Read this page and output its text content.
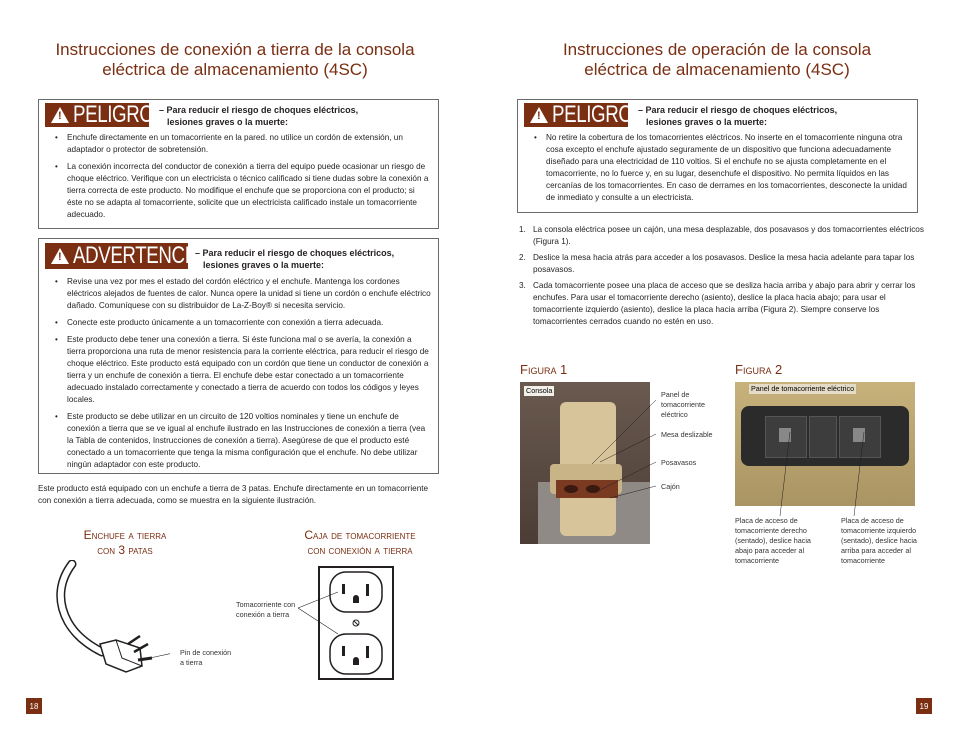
Instrucciones de conexión a tierra de la consola
eléctrica de almacenamiento (4SC)
!
PELIGRO – Para reducir el riesgo de choques eléctricos,
lesiones graves o la muerte:
• Enchufe directamente en un tomacorriente en la pared. no utilice un cordón de extensión, un adaptador o protector de sobretensión.
• La conexión incorrecta del conductor de conexión a tierra del equipo puede ocasionar un riesgo de choque eléctrico. Verifique con un electricista o técnico calificado si tiene dudas sobre la conexión a tierra correcta de este producto. No modifique el enchufe que se proporciona con el producto; si éste no se adapta al tomacorriente, solicite que un electricista calificado instale un tomacorriente adecuado.
!
ADVERTENCIA
– Para reducir el riesgo de choques eléctricos,
lesiones graves o la muerte:
• Revise una vez por mes el estado del cordón eléctrico y el enchufe. Mantenga los cordones eléctricos alejados de fuentes de calor. Nunca opere la unidad si tiene un cordón o enchufe eléctrico dañado. Comuníquese con su distribuidor de La-Z-Boy® si necesita servicio.
• Conecte este producto únicamente a un tomacorriente con conexión a tierra adecuada.
• Este producto debe tener una conexión a tierra. Si éste funciona mal o se avería, la conexión a tierra proporciona una ruta de menor resistencia para la corriente eléctrica, para reducir el riesgo de choque eléctrico. Este producto está equipado con un cordón que tiene un conductor de conexión a tierra y un enchufe de conexión a tierra. El enchufe debe estar conectado a un tomacorriente adecuado instalado correctamente y conectado a tierra de acuerdo con todos los códigos y leyes locales.
• Este producto se debe utilizar en un circuito de 120 voltios nominales y tiene un enchufe de conexión a tierra que se ve igual al enchufe ilustrado en las Instrucciones de conexión a tierra (vea la Tabla de contenidos, Instrucciones de conexión a tierra). Asegúrese de que el producto esté conectado a un tomacorriente que tenga la misma configuración que el enchufe. No debe utilizar ningún adaptador con este producto.
Este producto está equipado con un enchufe a tierra de 3 patas. Enchufe directamente en un tomacorriente con conexión a tierra adecuada, como se muestra en la siguiente ilustración.
Enchufe a tierra
con 3 patas
Caja de tomacorriente
con conexión a tierra
Pin de conexión
a tierra
Tomacorriente con
conexión a tierra
18
Instrucciones de operación de la consola
eléctrica de almacenamiento (4SC)
!
PELIGRO – Para reducir el riesgo de choques eléctricos,
lesiones graves o la muerte:
• No retire la cobertura de los tomacorrientes eléctricos. No inserte en el tomacorriente ninguna otra cosa excepto el enchufe ajustado seguramente de un dispositivo que funciona adecuadamente diseñado para una electricidad de 110 voltios. Si el enchufe no se ajusta completamente en el tomacorriente, no lo fuerce y, en su lugar, desenchufe el dispositivo. No permita líquidos en las cercanías de los tomacorrientes. En caso de derrames en los tomacorrientes, desconecte la unidad de inmediato y consulte a un electricista.
1. La consola eléctrica posee un cajón, una mesa desplazable, dos posavasos y dos tomacorrientes eléctricos (Figura 1).
2. Deslice la mesa hacia atrás para acceder a los posavasos. Deslice la mesa hacia adelante para tapar los posavasos.
3. Cada tomacorriente posee una placa de acceso que se desliza hacia arriba y abajo para abrir y cerrar los enchufes. Para usar el tomacorriente derecho (asiento), deslice la placa hacia abajo; para usar el tomacorriente izquierdo (asiento), deslice la placa hacia arriba (Figura 2). Siempre conserve los tomacorrientes cerrados cuando no estén en uso.
Figura 1
Consola	Panel de tomacorriente eléctrico
Mesa deslizable
Posavasos
Cajón
Figura 2
Panel de tomacorriente eléctrico
Placa de acceso de tomacorriente derecho (sentado), deslice hacia abajo para acceder al tomacorriente
Placa de acceso de tomacorriente izquierdo (sentado), deslice hacia arriba para acceder al tomacorriente
19
